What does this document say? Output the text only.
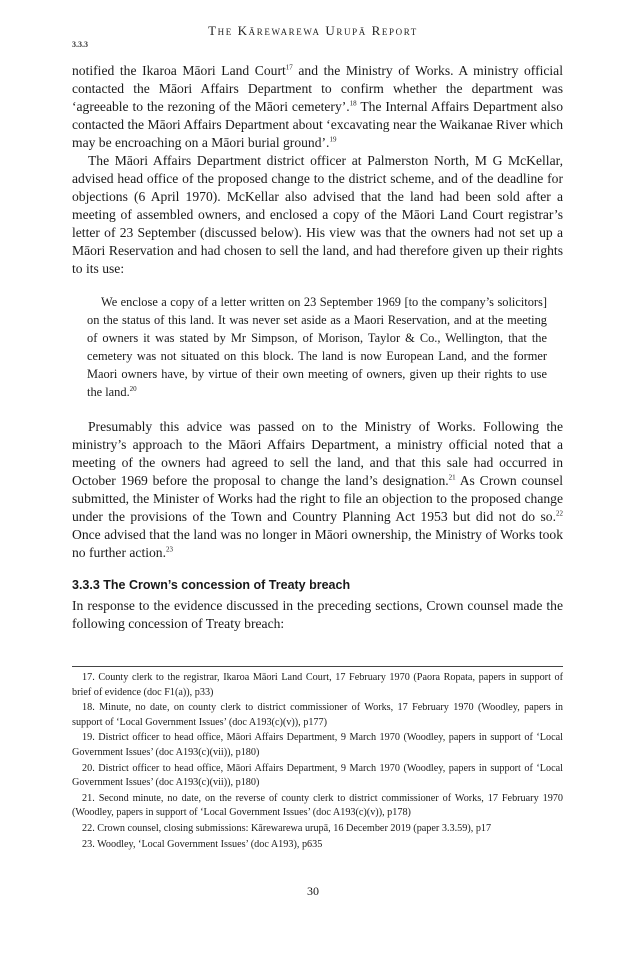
The Kārewarewa Urupā Report
3.3.3

notified the Ikaroa Māori Land Court$^{17}$ and the Ministry of Works. A ministry official contacted the Māori Affairs Department to confirm whether the department was ‘agreeable to the rezoning of the Māori cemetery’.$^{18}$ The Internal Affairs Department also contacted the Māori Affairs Department about ‘excavating near the Waikanae River which may be encroaching on a Māori burial ground’.$^{19}$

The Māori Affairs Department district officer at Palmerston North, M G McKellar, advised head office of the proposed change to the district scheme, and of the deadline for objections (6 April 1970). McKellar also advised that the land had been sold after a meeting of assembled owners, and enclosed a copy of the Māori Land Court registrar’s letter of 23 September (discussed below). His view was that the owners had not set up a Māori Reservation and had chosen to sell the land, and had therefore given up their rights to its use:

We enclose a copy of a letter written on 23 September 1969 [to the company’s solicitors] on the status of this land. It was never set aside as a Maori Reservation, and at the meeting of owners it was stated by Mr Simpson, of Morison, Taylor & Co., Wellington, that the cemetery was not situated on this block. The land is now European Land, and the former Maori owners have, by virtue of their own meeting of owners, given up their rights to use the land.$^{20}$

Presumably this advice was passed on to the Ministry of Works. Following the ministry’s approach to the Māori Affairs Department, a ministry official noted that a meeting of the owners had agreed to sell the land, and that this sale had occurred in October 1969 before the proposal to change the land’s designation.$^{21}$ As Crown counsel submitted, the Minister of Works had the right to file an objection to the proposed change under the provisions of the Town and Country Planning Act 1953 but did not do so.$^{22}$ Once advised that the land was no longer in Māori ownership, the Ministry of Works took no further action.$^{23}$

3.3.3 The Crown’s concession of Treaty breach

In response to the evidence discussed in the preceding sections, Crown counsel made the following concession of Treaty breach:

17. County clerk to the registrar, Ikaroa Māori Land Court, 17 February 1970 (Paora Ropata, papers in support of brief of evidence (doc F1(a)), p33)

18. Minute, no date, on county clerk to district commissioner of Works, 17 February 1970 (Woodley, papers in support of ‘Local Government Issues’ (doc A193(c)(v)), p177)

19. District officer to head office, Māori Affairs Department, 9 March 1970 (Woodley, papers in support of ‘Local Government Issues’ (doc A193(c)(vii)), p180)

20. District officer to head office, Māori Affairs Department, 9 March 1970 (Woodley, papers in support of ‘Local Government Issues’ (doc A193(c)(vii)), p180)

21. Second minute, no date, on the reverse of county clerk to district commissioner of Works, 17 February 1970 (Woodley, papers in support of ‘Local Government Issues’ (doc A193(c)(v)), p178)

22. Crown counsel, closing submissions: Kārewarewa urupā, 16 December 2019 (paper 3.3.59), p17

23. Woodley, ‘Local Government Issues’ (doc A193), p635

30
